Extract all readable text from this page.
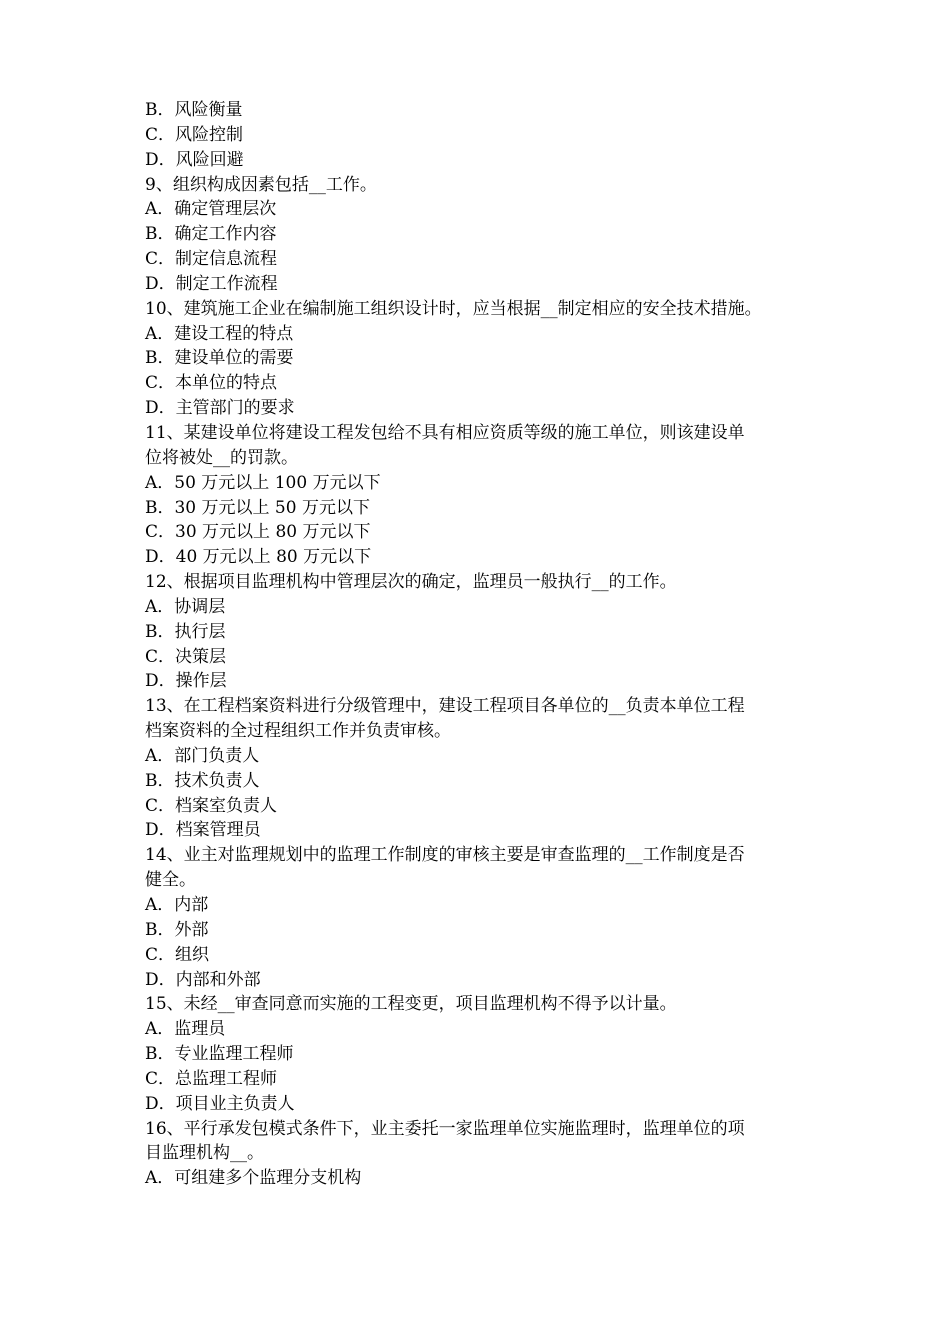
B．风险衡量
C．风险控制
D．风险回避
9、组织构成因素包括__工作。
A．确定管理层次
B．确定工作内容
C．制定信息流程
D．制定工作流程
10、建筑施工企业在编制施工组织设计时，应当根据__制定相应的安全技术措施。
A．建设工程的特点
B．建设单位的需要
C．本单位的特点
D．主管部门的要求
11、某建设单位将建设工程发包给不具有相应资质等级的施工单位，则该建设单
位将被处__的罚款。
A．50 万元以上 100 万元以下
B．30 万元以上 50 万元以下
C．30 万元以上 80 万元以下
D．40 万元以上 80 万元以下
12、根据项目监理机构中管理层次的确定，监理员一般执行__的工作。
A．协调层
B．执行层
C．决策层
D．操作层
13、在工程档案资料进行分级管理中，建设工程项目各单位的__负责本单位工程
档案资料的全过程组织工作并负责审核。
A．部门负责人
B．技术负责人
C．档案室负责人
D．档案管理员
14、业主对监理规划中的监理工作制度的审核主要是审查监理的__工作制度是否
健全。
A．内部
B．外部
C．组织
D．内部和外部
15、未经__审查同意而实施的工程变更，项目监理机构不得予以计量。
A．监理员
B．专业监理工程师
C．总监理工程师
D．项目业主负责人
16、平行承发包模式条件下，业主委托一家监理单位实施监理时，监理单位的项
目监理机构__。
A．可组建多个监理分支机构
